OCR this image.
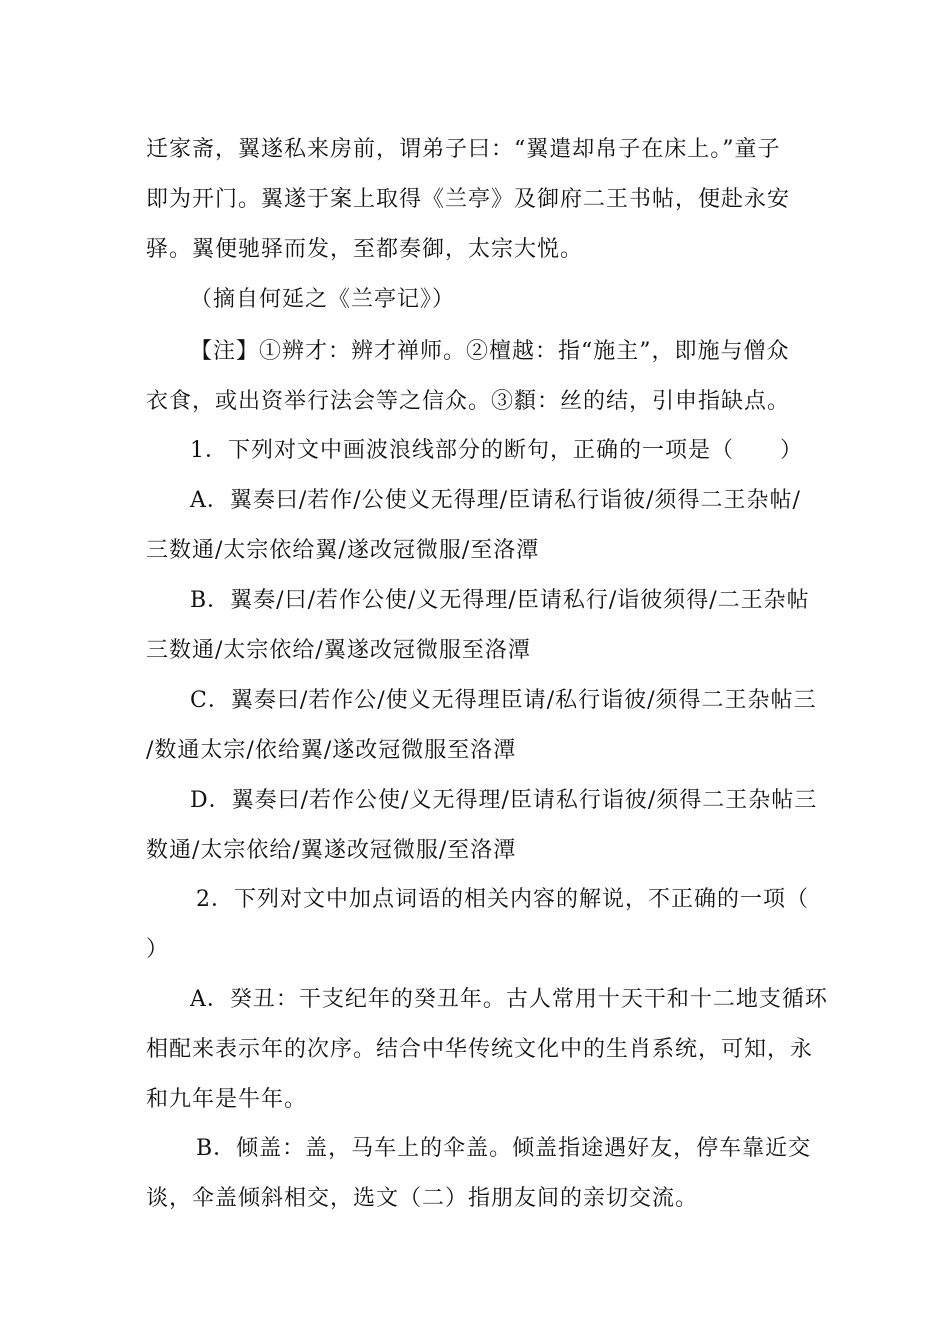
迁家斋，翼遂私来房前，谓弟子曰：“翼遣却帛子在床上。”童子
即为开门。翼遂于案上取得《兰亭》及御府二王书帖，便赴永安
驿。翼便驰驿而发，至都奏御，太宗大悦。
（摘自何延之《兰亭记》）
【注】①辨才：辨才禅师。②檀越：指“施主”，即施与僧众
衣食，或出资举行法会等之信众。③纇：丝的结，引申指缺点。
1．下列对文中画波浪线部分的断句，正确的一项是（　　）
A．翼奏曰/若作/公使义无得理/臣请私行诣彼/须得二王杂帖/
三数通/太宗依给翼/遂改冠微服/至洛潭
B．翼奏/曰/若作公使/义无得理/臣请私行/诣彼须得/二王杂帖
三数通/太宗依给/翼遂改冠微服至洛潭
C．翼奏曰/若作公/使义无得理臣请/私行诣彼/须得二王杂帖三
/数通太宗/依给翼/遂改冠微服至洛潭
D．翼奏曰/若作公使/义无得理/臣请私行诣彼/须得二王杂帖三
数通/太宗依给/翼遂改冠微服/至洛潭
2．下列对文中加点词语的相关内容的解说，不正确的一项（
）
A．癸丑：干支纪年的癸丑年。古人常用十天干和十二地支循环
相配来表示年的次序。结合中华传统文化中的生肖系统，可知，永
和九年是牛年。
B．倾盖：盖，马车上的伞盖。倾盖指途遇好友，停车靠近交
谈，伞盖倾斜相交，选文（二）指朋友间的亲切交流。
